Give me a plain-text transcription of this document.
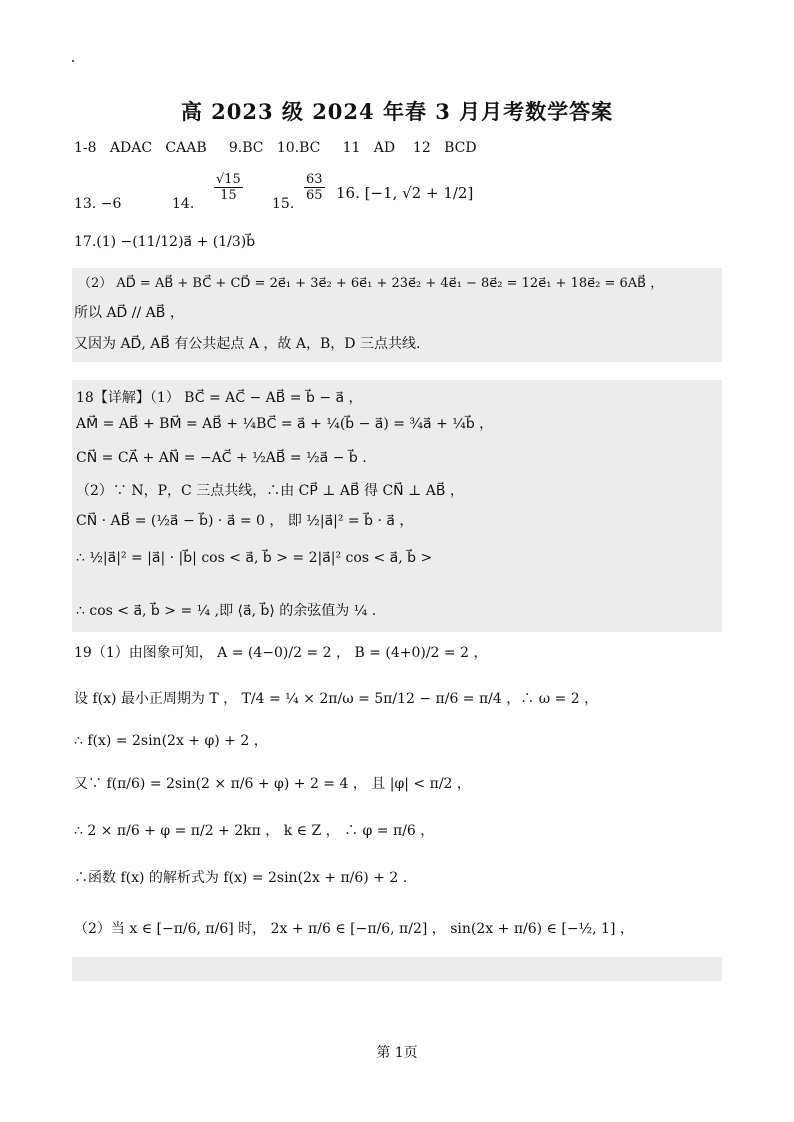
高 2023 级 2024 年春 3 月月考数学答案
1-8   ADAC   CAAB     9.BC   10.BC     11   AD    12   BCD
13. −6	14.
$\frac{√15}{15}$
15.
$\frac{63}{65} 16$. [−1, √2 + 1/2]
17.(1) −(11/12)a⃗ + (1/3)b⃗
（2） AD⃗ = AB⃗ + BC⃗ + CD⃗ = 2e⃗₁ + 3e⃗₂ + 6e⃗₁ + 23e⃗₂ + 4e⃗₁ − 8e⃗₂ = 12e⃗₁ + 18e⃗₂ = 6AB⃗ ，
所以 AD⃗ // AB⃗ ，
又因为 AD⃗, AB⃗ 有公共起点 A ，故 A，B，D 三点共线.
18【详解】（1） BC⃗ = AC⃗ − AB⃗ = b⃗ − a⃗ ，
AM⃗ = AB⃗ + BM⃗ = AB⃗ + ¼BC⃗ = a⃗ + ¼(b⃗ − a⃗) = ¾a⃗ + ¼b⃗ ，
CN⃗ = CA⃗ + AN⃗ = −AC⃗ + ½AB⃗ = ½a⃗ − b⃗ .
（2）∵ N，P，C 三点共线，∴由 CP⃗ ⊥ AB⃗ 得 CN⃗ ⊥ AB⃗ ，
CN⃗ · AB⃗ = (½a⃗ − b⃗) · a⃗ = 0 ， 即 ½|a⃗|² = b⃗ · a⃗ ，
∴ ½|a⃗|² = |a⃗| · |b⃗| cos < a⃗, b⃗ > = 2|a⃗|² cos < a⃗, b⃗ >
∴ cos < a⃗, b⃗ > = ¼ ,即 ⟨a⃗, b⃗⟩ 的余弦值为 ¼ .
19（1）由图象可知， A = (4−0)/2 = 2 ， B = (4+0)/2 = 2 ，
设 f(x) 最小正周期为 T ， T/4 = ¼ × 2π/ω = 5π/12 − π/6 = π/4 ，∴ ω = 2 ，
∴ f(x) = 2sin(2x + φ) + 2 ，
又∵ f(π/6) = 2sin(2 × π/6 + φ) + 2 = 4 ， 且 |φ| < π/2 ，
∴ 2 × π/6 + φ = π/2 + 2kπ ， k ∈ Z ， ∴ φ = π/6 ，
∴函数 f(x) 的解析式为 f(x) = 2sin(2x + π/6) + 2 .
（2）当 x ∈ [−π/6, π/6] 时， 2x + π/6 ∈ [−π/6, π/2] ， sin(2x + π/6) ∈ [−½, 1] ，
第 1页
